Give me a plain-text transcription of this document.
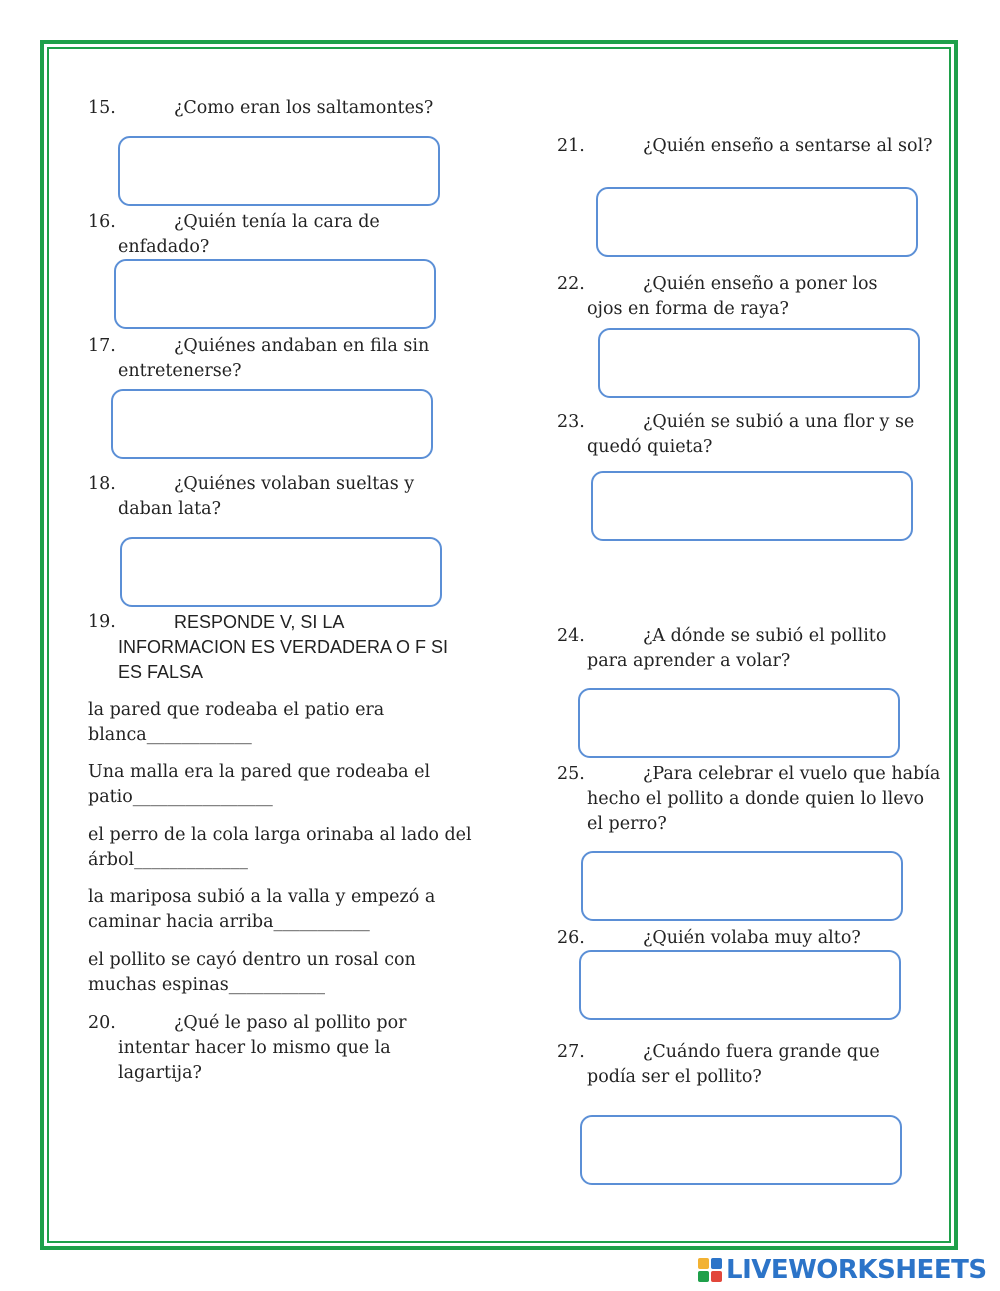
15.	¿Como eran los saltamontes?
16.	¿Quién tenía la cara de enfadado?
17.	¿Quiénes andaban en fila sin entretenerse?
18.	¿Quiénes volaban sueltas y daban lata?
19.	RESPONDE V, SI LA INFORMACION ES VERDADERA O F SI ES FALSA
la pared que rodeaba el patio era blanca____________
Una malla era la pared que rodeaba el patio________________
el perro de la cola larga orinaba al lado del árbol_____________
la mariposa subió a la valla y empezó a caminar hacia arriba___________
el pollito se cayó dentro un rosal con muchas espinas___________
20.	¿Qué le paso al pollito por intentar hacer lo mismo que la lagartija?
21.	¿Quién enseño a sentarse al sol?
22.	¿Quién enseño a poner los ojos en forma de raya?
23.	¿Quién se subió a una flor y se quedó quieta?
24.	¿A dónde se subió el pollito para aprender a volar?
25.	¿Para celebrar el vuelo que había hecho el pollito a donde quien lo llevo el perro?
26.	¿Quién volaba muy alto?
27.	¿Cuándo fuera grande que podía ser el pollito?
LIVEWORKSHEETS
